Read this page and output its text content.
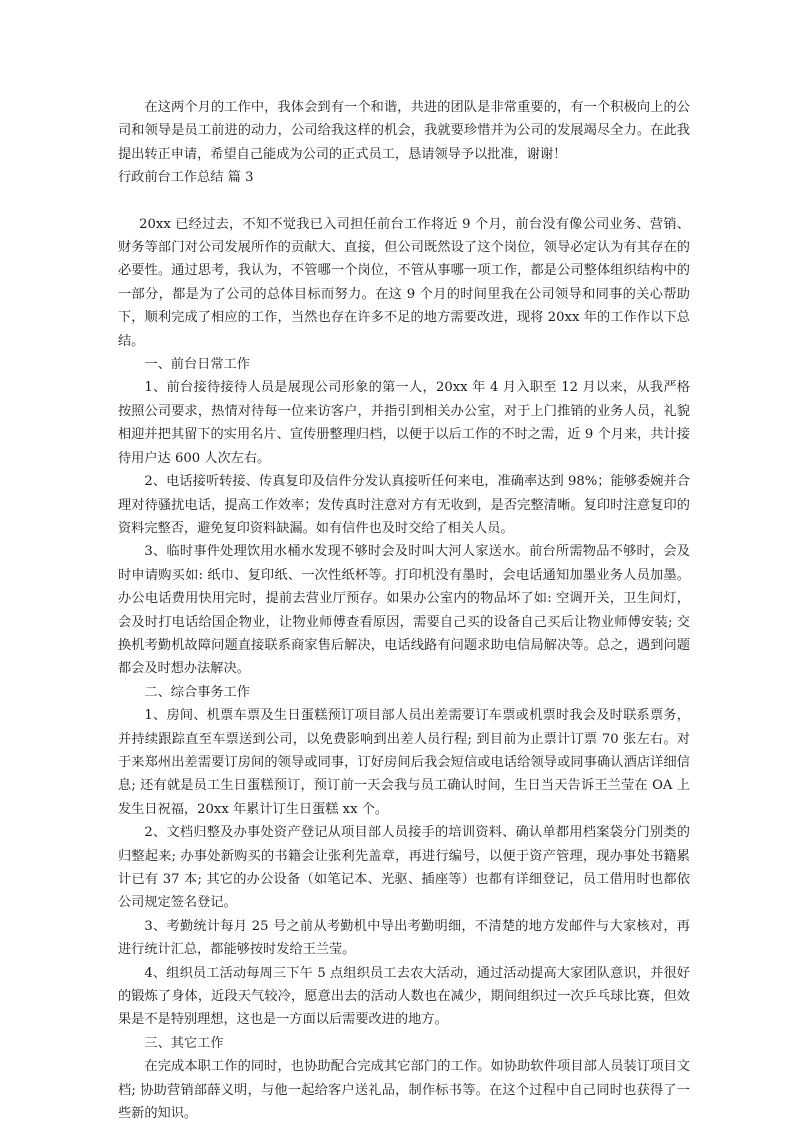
在这两个月的工作中，我体会到有一个和谐，共进的团队是非常重要的，有一个积极向上的公司和领导是员工前进的动力，公司给我这样的机会，我就要珍惜并为公司的发展竭尽全力。在此我提出转正申请，希望自己能成为公司的正式员工，恳请领导予以批准，谢谢！

行政前台工作总结 篇 3

20xx 已经过去，不知不觉我已入司担任前台工作将近 9 个月，前台没有像公司业务、营销、财务等部门对公司发展所作的贡献大、直接，但公司既然设了这个岗位，领导必定认为有其存在的必要性。通过思考，我认为，不管哪一个岗位，不管从事哪一项工作，都是公司整体组织结构中的一部分，都是为了公司的总体目标而努力。在这 9 个月的时间里我在公司领导和同事的关心帮助下，顺利完成了相应的工作，当然也存在许多不足的地方需要改进，现将 20xx 年的工作作以下总结。

一、前台日常工作

1、前台接待接待人员是展现公司形象的第一人，20xx 年 4 月入职至 12 月以来，从我严格按照公司要求，热情对待每一位来访客户，并指引到相关办公室，对于上门推销的业务人员，礼貌相迎并把其留下的实用名片、宣传册整理归档，以便于以后工作的不时之需，近 9 个月来，共计接待用户达 600 人次左右。

2、电话接听转接、传真复印及信件分发认真接听任何来电，准确率达到 98%；能够委婉并合理对待骚扰电话，提高工作效率；发传真时注意对方有无收到，是否完整清晰。复印时注意复印的资料完整否，避免复印资料缺漏。如有信件也及时交给了相关人员。

3、临时事件处理饮用水桶水发现不够时会及时叫大河人家送水。前台所需物品不够时，会及时申请购买如: 纸巾、复印纸、一次性纸杯等。打印机没有墨时，会电话通知加墨业务人员加墨。办公电话费用快用完时，提前去营业厅预存。如果办公室内的物品坏了如: 空调开关，卫生间灯，会及时打电话给国企物业，让物业师傅查看原因，需要自己买的设备自己买后让物业师傅安装; 交换机考勤机故障问题直接联系商家售后解决，电话线路有问题求助电信局解决等。总之，遇到问题都会及时想办法解决。

二、综合事务工作

1、房间、机票车票及生日蛋糕预订项目部人员出差需要订车票或机票时我会及时联系票务，并持续跟踪直至车票送到公司，以免费影响到出差人员行程; 到目前为止票计订票 70 张左右。对于来郑州出差需要订房间的领导或同事，订好房间后我会短信或电话给领导或同事确认酒店详细信息; 还有就是员工生日蛋糕预订，预订前一天会我与员工确认时间，生日当天告诉王兰莹在 OA 上发生日祝福，20xx 年累计订生日蛋糕 xx 个。

2、文档归整及办事处资产登记从项目部人员接手的培训资料、确认单都用档案袋分门别类的归整起来; 办事处新购买的书籍会让张利先盖章，再进行编号，以便于资产管理，现办事处书籍累计已有 37 本; 其它的办公设备（如笔记本、光驱、插座等）也都有详细登记，员工借用时也都依公司规定签名登记。

3、考勤统计每月 25 号之前从考勤机中导出考勤明细，不清楚的地方发邮件与大家核对，再进行统计汇总，都能够按时发给王兰莹。

4、组织员工活动每周三下午 5 点组织员工去农大活动，通过活动提高大家团队意识，并很好的锻炼了身体，近段天气较冷，愿意出去的活动人数也在减少，期间组织过一次乒乓球比赛，但效果是不是特别理想，这也是一方面以后需要改进的地方。

三、其它工作

在完成本职工作的同时，也协助配合完成其它部门的工作。如协助软件项目部人员装订项目文档; 协助营销部薛义明，与他一起给客户送礼品，制作标书等。在这个过程中自己同时也获得了一些新的知识。
